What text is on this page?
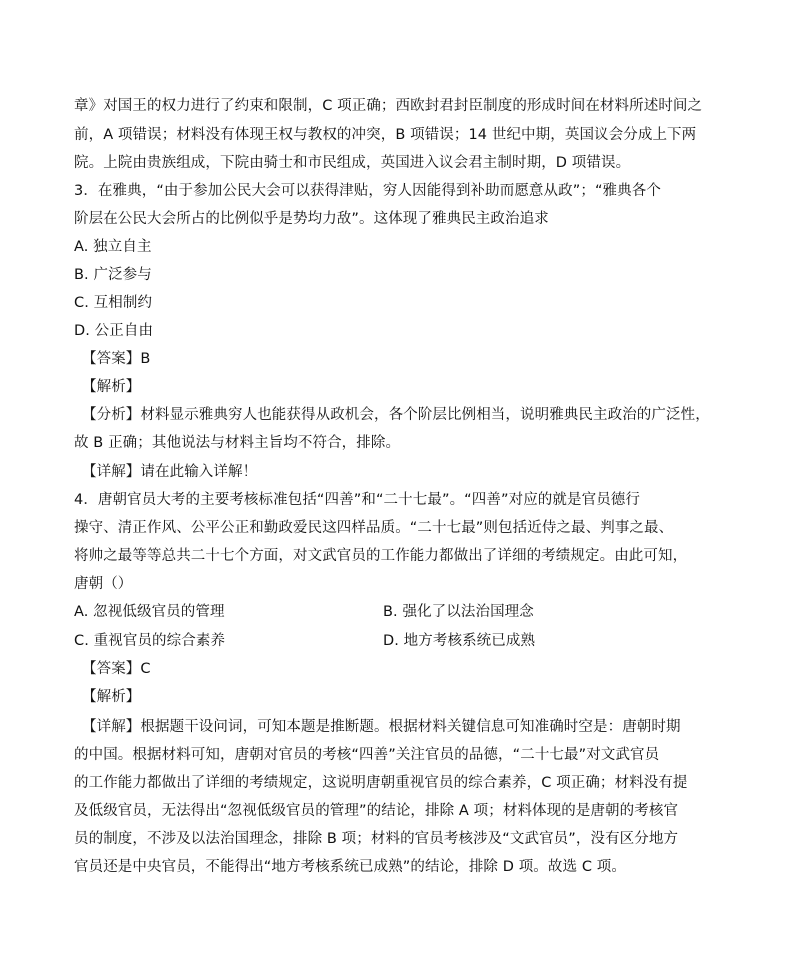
章》对国王的权力进行了约束和限制，C 项正确；西欧封君封臣制度的形成时间在材料所述时间之
前，A 项错误；材料没有体现王权与教权的冲突，B 项错误；14 世纪中期，英国议会分成上下两
院。上院由贵族组成，下院由骑士和市民组成，英国进入议会君主制时期，D 项错误。
3．在雅典，“由于参加公民大会可以获得津贴，穷人因能得到补助而愿意从政”；“雅典各个
阶层在公民大会所占的比例似乎是势均力敌”。这体现了雅典民主政治追求
A. 独立自主
B. 广泛参与
C. 互相制约
D. 公正自由
【答案】B
【解析】
【分析】材料显示雅典穷人也能获得从政机会，各个阶层比例相当，说明雅典民主政治的广泛性，
故 B 正确；其他说法与材料主旨均不符合，排除。
【详解】请在此输入详解！
4．唐朝官员大考的主要考核标准包括“四善”和“二十七最”。“四善”对应的就是官员德行
操守、清正作风、公平公正和勤政爱民这四样品质。“二十七最”则包括近侍之最、判事之最、
将帅之最等等总共二十七个方面，对文武官员的工作能力都做出了详细的考绩规定。由此可知，
唐朝（）
A. 忽视低级官员的管理	B. 强化了以法治国理念
C. 重视官员的综合素养	D. 地方考核系统已成熟
【答案】C
【解析】
【详解】根据题干设问词，可知本题是推断题。根据材料关键信息可知准确时空是：唐朝时期
的中国。根据材料可知，唐朝对官员的考核“四善”关注官员的品德，“二十七最”对文武官员
的工作能力都做出了详细的考绩规定，这说明唐朝重视官员的综合素养，C 项正确；材料没有提
及低级官员，无法得出“忽视低级官员的管理”的结论，排除 A 项；材料体现的是唐朝的考核官
员的制度，不涉及以法治国理念，排除 B 项；材料的官员考核涉及“文武官员”，没有区分地方
官员还是中央官员，不能得出“地方考核系统已成熟”的结论，排除 D 项。故选 C 项。
